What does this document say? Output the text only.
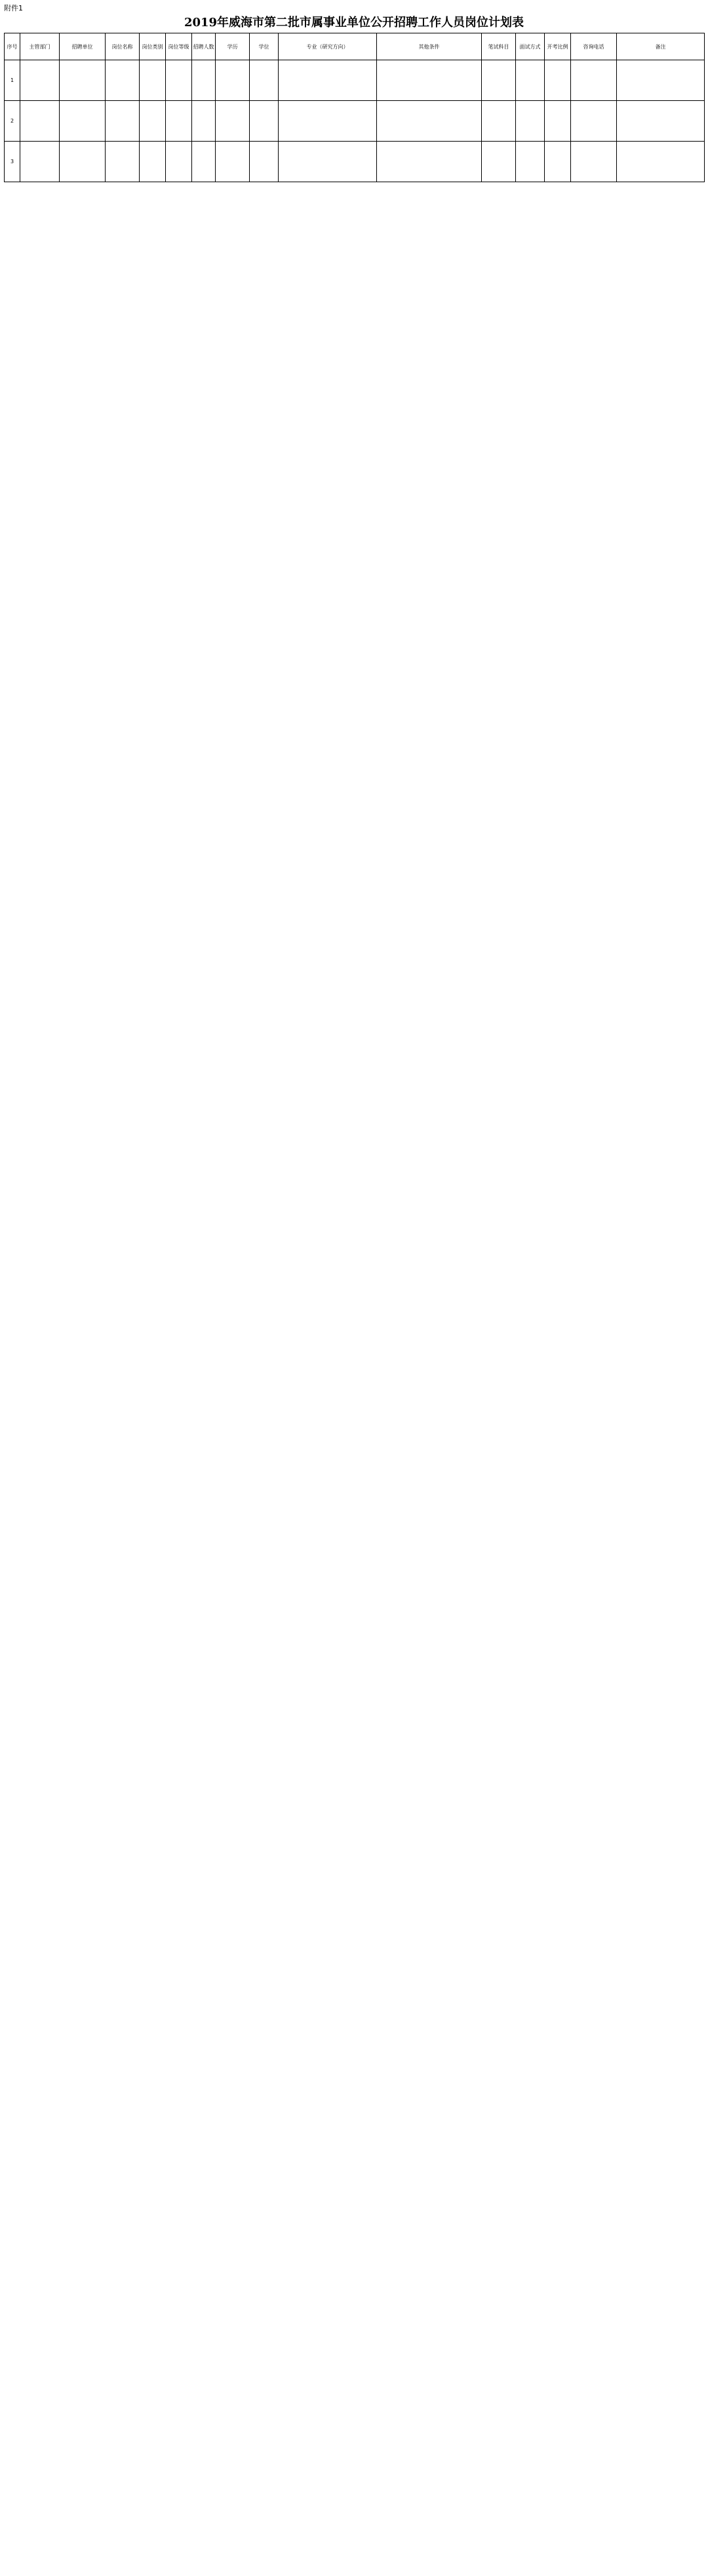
附件1
2019年威海市第二批市属事业单位公开招聘工作人员岗位计划表
序号	主管部门	招聘单位	岗位名称	岗位类别	岗位等级	招聘人数	学历	学位	专业（研究方向）	其他条件	笔试科目	面试方式	开考比例	咨询电话	备注
1															
2															
3															
